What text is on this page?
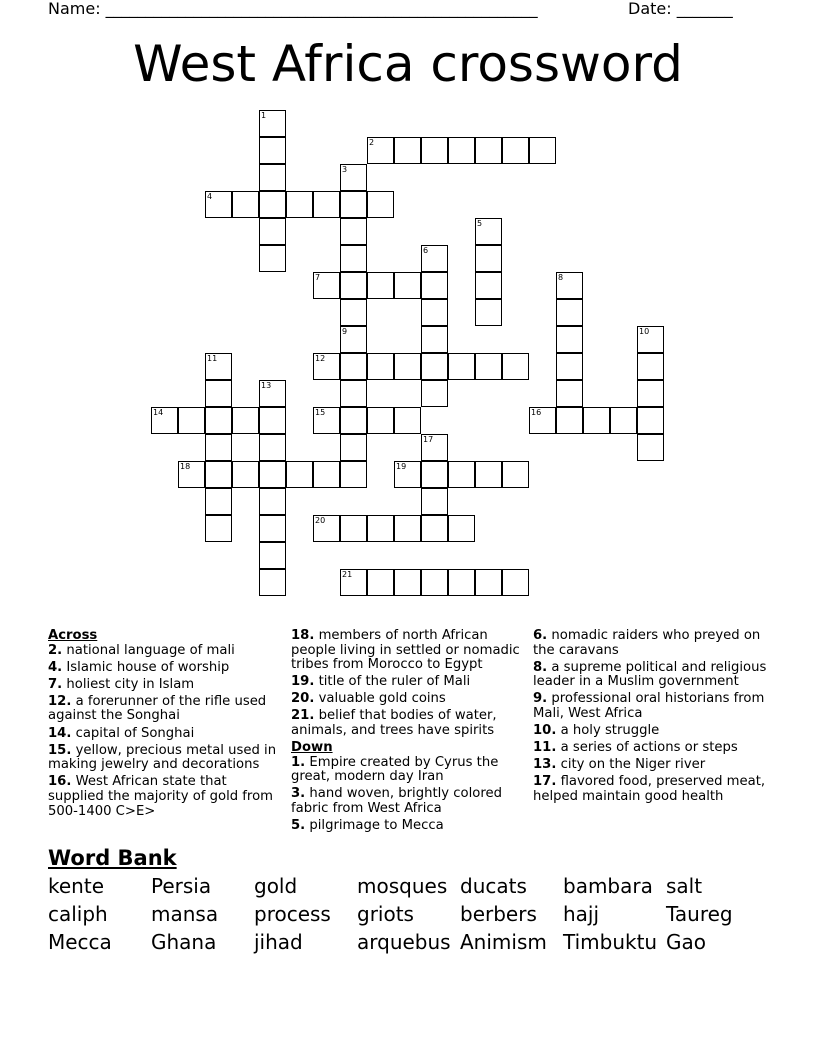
Name: ______________________________________________________	Date: _______
West Africa crossword
1
2
3
9
4
5
6
7	8
10
11	12
13
14	15	16
17
18	19
20
21
Across
2. national language of mali
4. Islamic house of worship
7. holiest city in Islam
12. a forerunner of the rifle used against the Songhai
14. capital of Songhai
15. yellow, precious metal used in making jewelry and decorations
16. West African state that supplied the majority of gold from 500-1400 C>E>
18. members of north African people living in settled or nomadic tribes from Morocco to Egypt
19. title of the ruler of Mali
20. valuable gold coins
21. belief that bodies of water, animals, and trees have spirits
Down
1. Empire created by Cyrus the great, modern day Iran
3. hand woven, brightly colored fabric from West Africa
5. pilgrimage to Mecca
6. nomadic raiders who preyed on the caravans
8. a supreme political and religious leader in a Muslim government
9. professional oral historians from Mali, West Africa
10. a holy struggle
11. a series of actions or steps
13. city on the Niger river
17. flavored food, preserved meat, helped maintain good health
Word Bank
kente	Persia	gold	mosques ducats	bambara salt
caliph	mansa	process	griots	berbers	hajj	Taureg
Mecca	Ghana	jihad	arquebus Animism Timbuktu Gao
